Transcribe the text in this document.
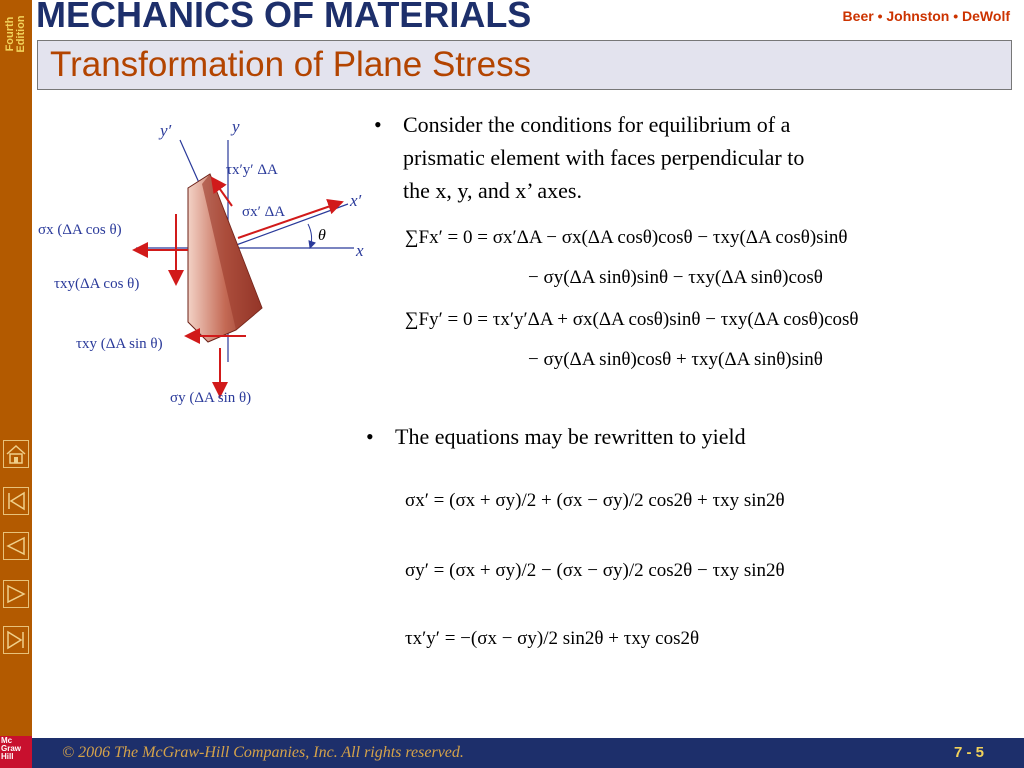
Fourth
Edition
Mc
Graw
Hill
MECHANICS OF MATERIALS	Beer • Johnston • DeWolf
Transformation of Plane Stress
y′	y
x′
x
θ
τx′y′ ΔA
σx′ ΔA
σx (ΔA cos θ)
τxy(ΔA cos θ)
τxy (ΔA sin θ)
σy (ΔA sin θ)
• Consider the conditions for equilibrium of a
prismatic element with faces perpendicular to
the x, y, and x’ axes.
∑Fx′ = 0 = σx′ΔA − σx(ΔA cosθ)cosθ − τxy(ΔA cosθ)sinθ
− σy(ΔA sinθ)sinθ − τxy(ΔA sinθ)cosθ
∑Fy′ = 0 = τx′y′ΔA + σx(ΔA cosθ)sinθ − τxy(ΔA cosθ)cosθ
− σy(ΔA sinθ)cosθ + τxy(ΔA sinθ)sinθ
• The equations may be rewritten to yield
σx′ = (σx + σy)/2 + (σx − σy)/2 cos2θ + τxy sin2θ
σy′ = (σx + σy)/2 − (σx − σy)/2 cos2θ − τxy sin2θ
τx′y′ = −(σx − σy)/2 sin2θ + τxy cos2θ
© 2006 The McGraw-Hill Companies, Inc. All rights reserved.	7 - 5
